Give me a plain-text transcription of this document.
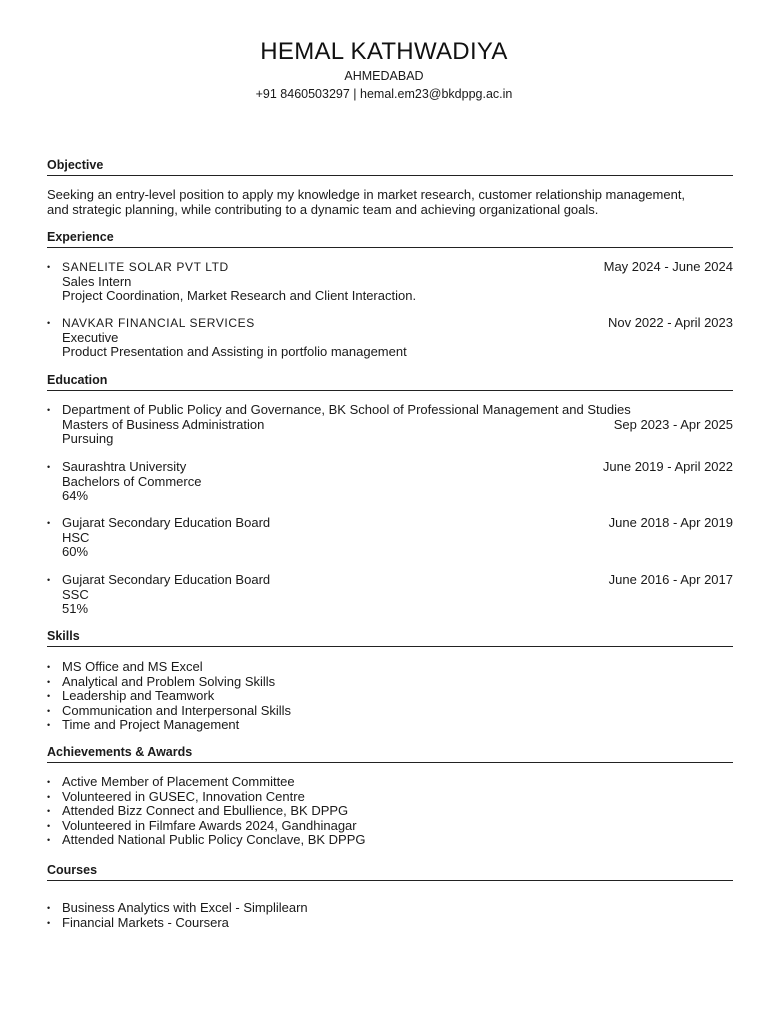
HEMAL KATHWADIYA
AHMEDABAD
+91 8460503297 | hemal.em23@bkdppg.ac.in
Objective
Seeking an entry-level position to apply my knowledge in market research, customer relationship management,
and strategic planning, while contributing to a dynamic team and achieving organizational goals.
Experience
• SANELITE SOLAR PVT LTD	May 2024 - June 2024
Sales Intern
Project Coordination, Market Research and Client Interaction.
• NAVKAR FINANCIAL SERVICES	Nov 2022 - April 2023
Executive
Product Presentation and Assisting in portfolio management
Education
• Department of Public Policy and Governance, BK School of Professional Management and Studies
Masters of Business Administration	Sep 2023 - Apr 2025
Pursuing
• Saurashtra University	June 2019 - April 2022
Bachelors of Commerce
64%
• Gujarat Secondary Education Board	June 2018 - Apr 2019
HSC
60%
• Gujarat Secondary Education Board	June 2016 - Apr 2017
SSC
51%
Skills
• MS Office and MS Excel
• Analytical and Problem Solving Skills
• Leadership and Teamwork
• Communication and Interpersonal Skills
• Time and Project Management
Achievements & Awards
• Active Member of Placement Committee
• Volunteered in GUSEC, Innovation Centre
• Attended Bizz Connect and Ebullience, BK DPPG
• Volunteered in Filmfare Awards 2024, Gandhinagar
• Attended National Public Policy Conclave, BK DPPG
Courses
• Business Analytics with Excel - Simplilearn
• Financial Markets - Coursera
